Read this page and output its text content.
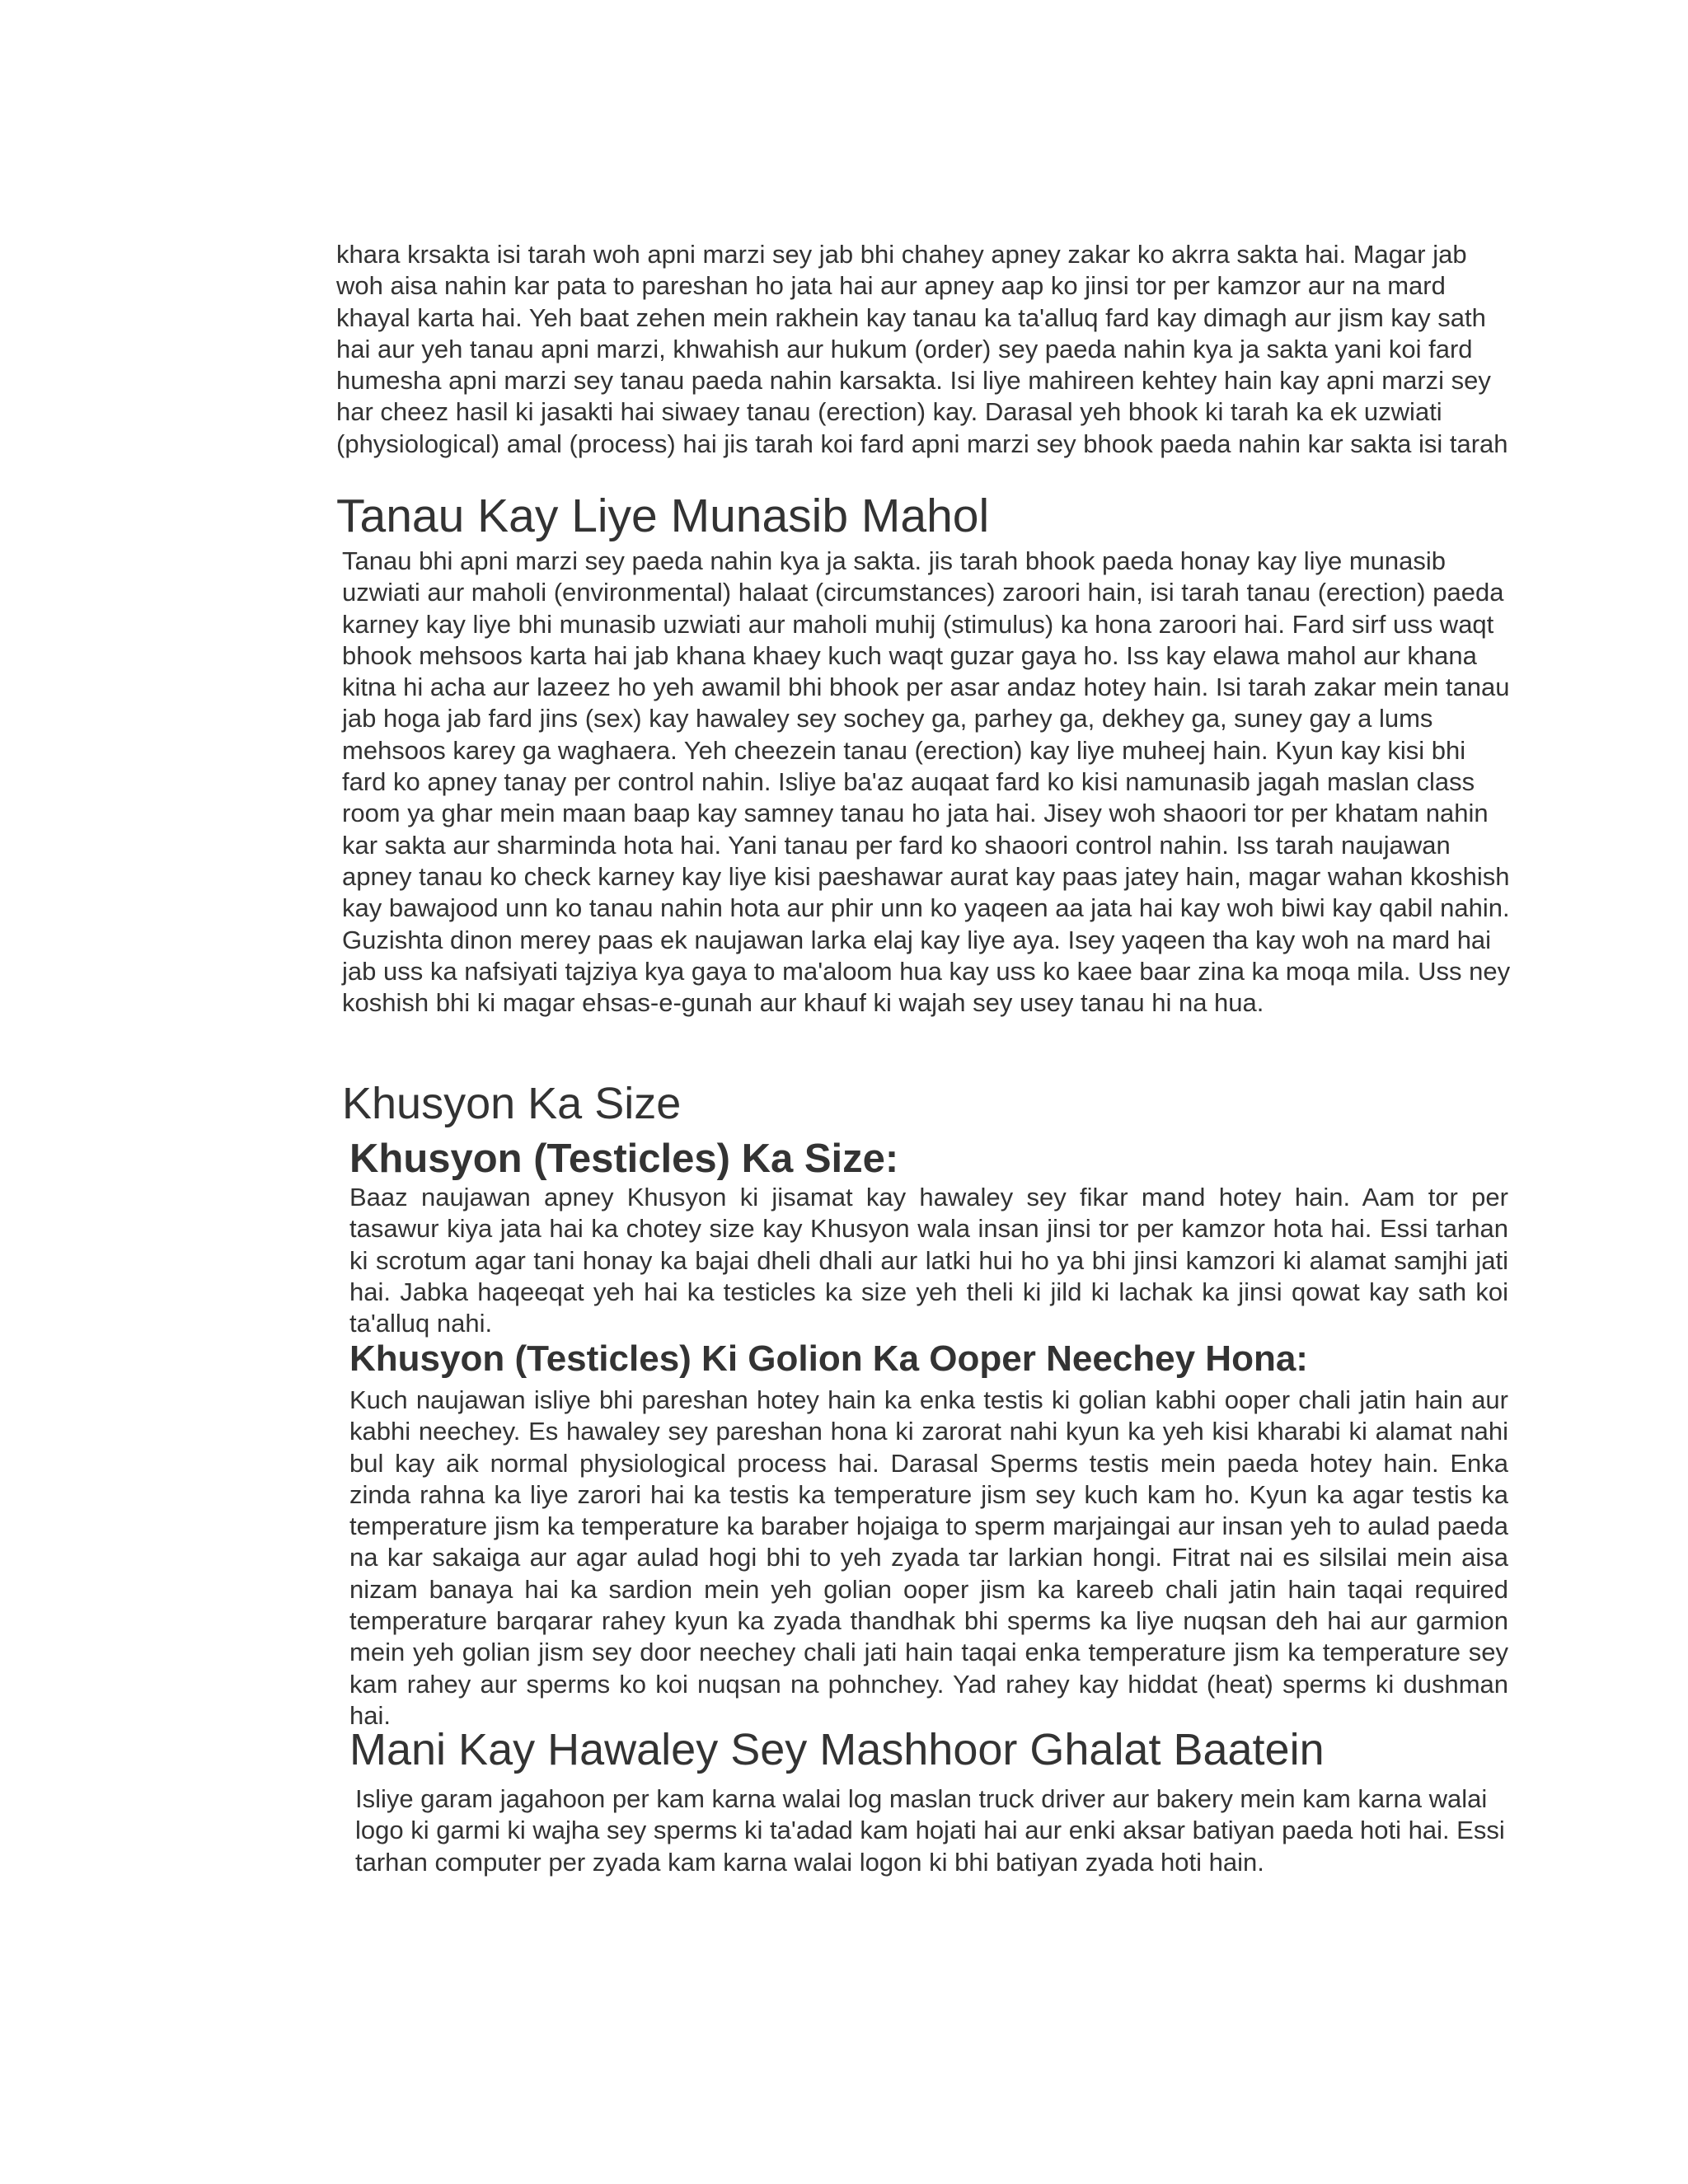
khara krsakta isi tarah woh apni marzi sey jab bhi chahey apney zakar ko akrra sakta hai. Magar jab woh aisa nahin kar pata to pareshan ho jata hai aur apney aap ko jinsi tor per kamzor aur na mard khayal karta hai. Yeh baat zehen mein rakhein kay tanau ka ta'alluq fard kay dimagh aur jism kay sath hai aur yeh tanau apni marzi, khwahish aur hukum (order) sey paeda nahin kya ja sakta yani koi fard humesha apni marzi sey tanau paeda nahin karsakta. Isi liye mahireen kehtey hain kay apni marzi sey har cheez hasil ki jasakti hai siwaey tanau (erection) kay. Darasal yeh bhook ki tarah ka ek uzwiati (physiological) amal (process) hai jis tarah koi fard apni marzi sey bhook paeda nahin kar sakta isi tarah

Tanau Kay Liye Munasib Mahol

Tanau bhi apni marzi sey paeda nahin kya ja sakta. jis tarah bhook paeda honay kay liye munasib uzwiati aur maholi (environmental) halaat (circumstances) zaroori hain, isi tarah tanau (erection) paeda karney kay liye bhi munasib uzwiati aur maholi muhij (stimulus) ka hona zaroori hai. Fard sirf uss waqt bhook mehsoos karta hai jab khana khaey kuch waqt guzar gaya ho. Iss kay elawa mahol aur khana kitna hi acha aur lazeez ho yeh awamil bhi bhook per asar andaz hotey hain. Isi tarah zakar mein tanau jab hoga jab fard jins (sex) kay hawaley sey sochey ga, parhey ga, dekhey ga, suney gay a lums mehsoos karey ga waghaera. Yeh cheezein tanau (erection) kay liye muheej hain. Kyun kay kisi bhi fard ko apney tanay per control nahin. Isliye ba'az auqaat fard ko kisi namunasib jagah maslan class room ya ghar mein maan baap kay samney tanau ho jata hai. Jisey woh shaoori tor per khatam nahin kar sakta aur sharminda hota hai. Yani tanau per fard ko shaoori control nahin. Iss tarah naujawan apney tanau ko check karney kay liye kisi paeshawar aurat kay paas jatey hain, magar wahan kkoshish kay bawajood unn ko tanau nahin hota aur phir unn ko yaqeen aa jata hai kay woh biwi kay qabil nahin. Guzishta dinon merey paas ek naujawan larka elaj kay liye aya. Isey yaqeen tha kay woh na mard hai jab uss ka nafsiyati tajziya kya gaya to ma'aloom hua kay uss ko kaee baar zina ka moqa mila. Uss ney koshish bhi ki magar ehsas-e-gunah aur khauf ki wajah sey usey tanau hi na hua.

Khusyon Ka Size
Khusyon (Testicles) Ka Size:

Baaz naujawan apney Khusyon ki jisamat kay hawaley sey fikar mand hotey hain. Aam tor per tasawur kiya jata hai ka chotey size kay Khusyon wala insan jinsi tor per kamzor hota hai. Essi tarhan ki scrotum agar tani honay ka bajai dheli dhali aur latki hui ho ya bhi jinsi kamzori ki alamat samjhi jati hai. Jabka haqeeqat yeh hai ka testicles ka size yeh theli ki jild ki lachak ka jinsi qowat kay sath koi ta'alluq nahi.

Khusyon (Testicles) Ki Golion Ka Ooper Neechey Hona:

Kuch naujawan isliye bhi pareshan hotey hain ka enka testis ki golian kabhi ooper chali jatin hain aur kabhi neechey. Es hawaley sey pareshan hona ki zarorat nahi kyun ka yeh kisi kharabi ki alamat nahi bul kay aik normal physiological process hai. Darasal Sperms testis mein paeda hotey hain. Enka zinda rahna ka liye zarori hai ka testis ka temperature jism sey kuch kam ho. Kyun ka agar testis ka temperature jism ka temperature ka baraber hojaiga to sperm marjaingai aur insan yeh to aulad paeda na kar sakaiga aur agar aulad hogi bhi to yeh zyada tar larkian hongi. Fitrat nai es silsilai mein aisa nizam banaya hai ka sardion mein yeh golian ooper jism ka kareeb chali jatin hain taqai required temperature barqarar rahey kyun ka zyada thandhak bhi sperms ka liye nuqsan deh hai aur garmion mein yeh golian jism sey door neechey chali jati hain taqai enka temperature jism ka temperature sey kam rahey aur sperms ko koi nuqsan na pohnchey. Yad rahey kay hiddat (heat) sperms ki dushman hai.

Mani Kay Hawaley Sey Mashhoor Ghalat Baatein

Isliye garam jagahoon per kam karna walai log maslan truck driver aur bakery mein kam karna walai logo ki garmi ki wajha sey sperms ki ta'adad kam hojati hai aur enki aksar batiyan paeda hoti hai. Essi tarhan computer per zyada kam karna walai logon ki bhi batiyan zyada hoti hain.
